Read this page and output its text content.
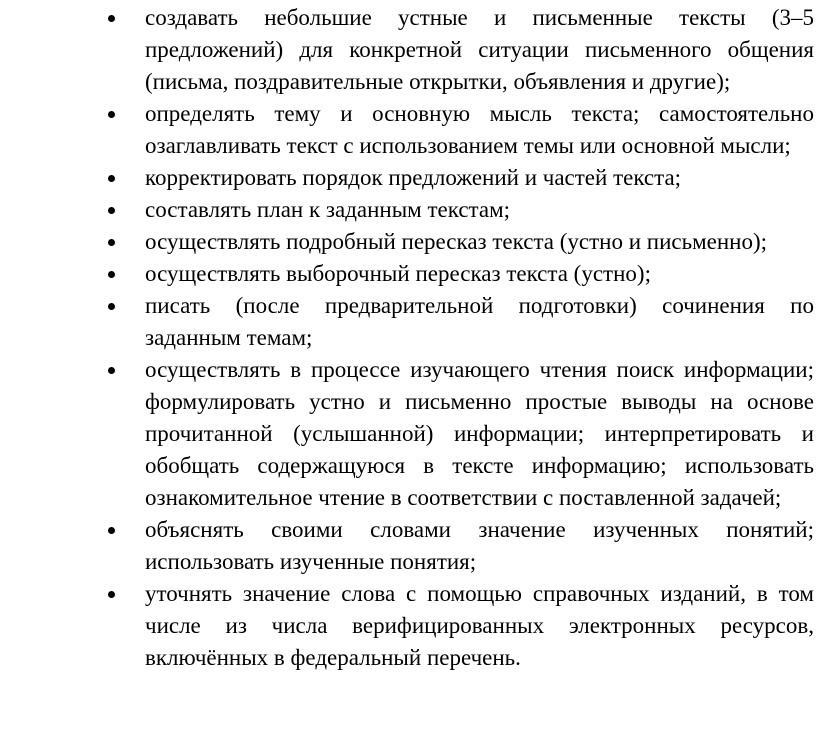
создавать небольшие устные и письменные тексты (3–5 предложений) для конкретной ситуации письменного общения (письма, поздравительные открытки, объявления и другие);
определять тему и основную мысль текста; самостоятельно озаглавливать текст с использованием темы или основной мысли;
корректировать порядок предложений и частей текста;
составлять план к заданным текстам;
осуществлять подробный пересказ текста (устно и письменно);
осуществлять выборочный пересказ текста (устно);
писать (после предварительной подготовки) сочинения по заданным темам;
осуществлять в процессе изучающего чтения поиск информации; формулировать устно и письменно простые выводы на основе прочитанной (услышанной) информации; интерпретировать и обобщать содержащуюся в тексте информацию; использовать ознакомительное чтение в соответствии с поставленной задачей;
объяснять своими словами значение изученных понятий; использовать изученные понятия;
уточнять значение слова с помощью справочных изданий, в том числе из числа верифицированных электронных ресурсов, включённых в федеральный перечень.
